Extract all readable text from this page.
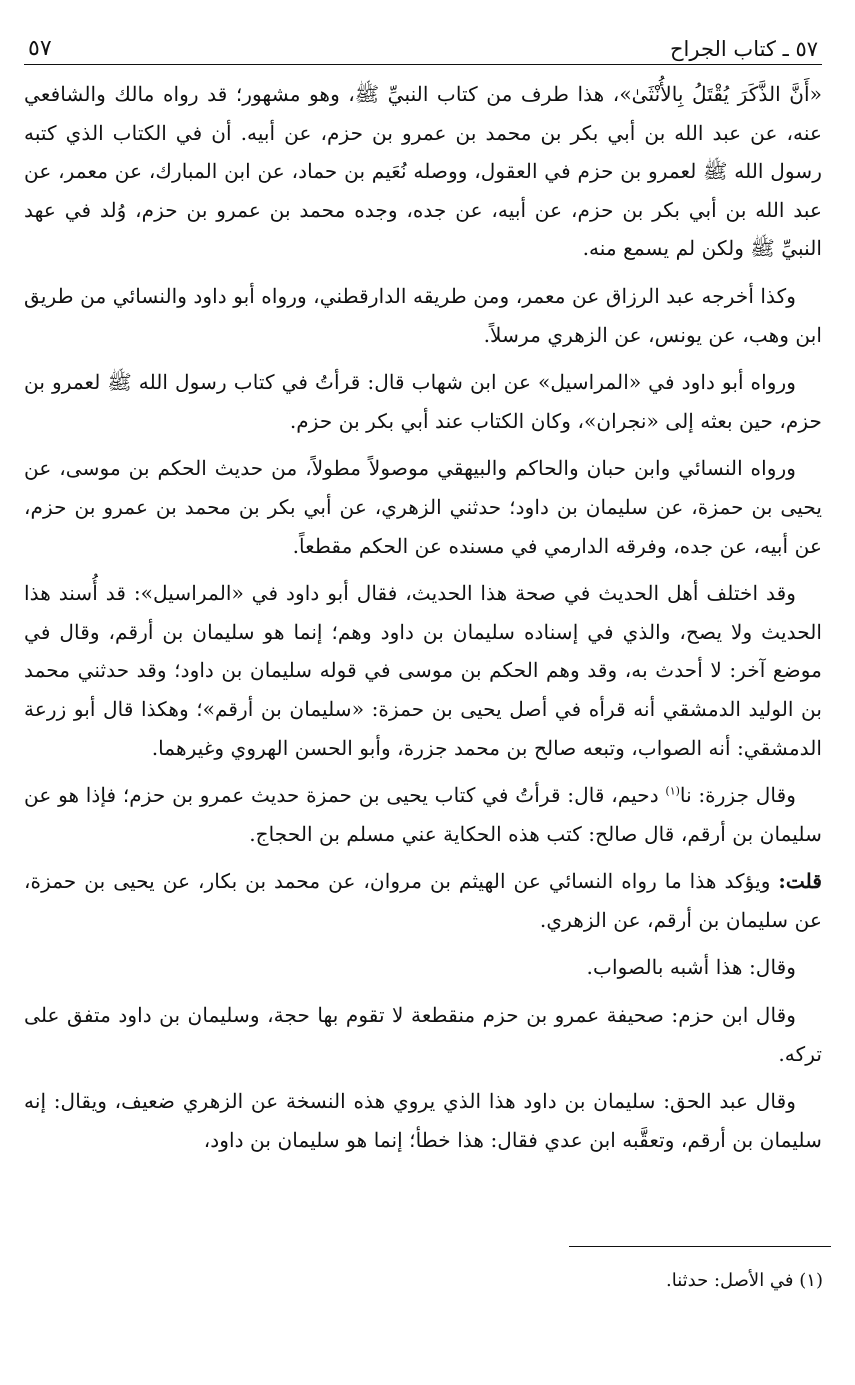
٥٧ ـ كتاب الجراح
٥٧

«أَنَّ الذَّكَرَ يُقْتَلُ بِالأُنْثَىٰ»، هذا طرف من كتاب النبيِّ ﷺ، وهو مشهور؛ قد رواه مالك والشافعي عنه، عن عبد الله بن أبي بكر بن محمد بن عمرو بن حزم، عن أبيه. أن في الكتاب الذي كتبه رسول الله ﷺ لعمرو بن حزم في العقول، ووصله نُعَيم بن حماد، عن ابن المبارك، عن معمر، عن عبد الله بن أبي بكر بن حزم، عن أبيه، عن جده، وجده محمد بن عمرو بن حزم، وُلد في عهد النبيِّ ﷺ ولكن لم يسمع منه.

وكذا أخرجه عبد الرزاق عن معمر، ومن طريقه الدارقطني، ورواه أبو داود والنسائي من طريق ابن وهب، عن يونس، عن الزهري مرسلاً.

ورواه أبو داود في «المراسيل» عن ابن شهاب قال: قرأتُ في كتاب رسول الله ﷺ لعمرو بن حزم، حين بعثه إلى «نجران»، وكان الكتاب عند أبي بكر بن حزم.

ورواه النسائي وابن حبان والحاكم والبيهقي موصولاً مطولاً، من حديث الحكم بن موسى، عن يحيى بن حمزة، عن سليمان بن داود؛ حدثني الزهري، عن أبي بكر بن محمد بن عمرو بن حزم، عن أبيه، عن جده، وفرقه الدارمي في مسنده عن الحكم مقطعاً.

وقد اختلف أهل الحديث في صحة هذا الحديث، فقال أبو داود في «المراسيل»: قد أُسند هذا الحديث ولا يصح، والذي في إسناده سليمان بن داود وهم؛ إنما هو سليمان بن أرقم، وقال في موضع آخر: لا أحدث به، وقد وهم الحكم بن موسى في قوله سليمان بن داود؛ وقد حدثني محمد بن الوليد الدمشقي أنه قرأه في أصل يحيى بن حمزة: «سليمان بن أرقم»؛ وهكذا قال أبو زرعة الدمشقي: أنه الصواب، وتبعه صالح بن محمد جزرة، وأبو الحسن الهروي وغيرهما.

وقال جزرة: نا$^{(١)}$ دحيم، قال: قرأتُ في كتاب يحيى بن حمزة حديث عمرو بن حزم؛ فإذا هو عن سليمان بن أرقم، قال صالح: كتب هذه الحكاية عني مسلم بن الحجاج.

قلت: ويؤكد هذا ما رواه النسائي عن الهيثم بن مروان، عن محمد بن بكار، عن يحيى بن حمزة، عن سليمان بن أرقم، عن الزهري.

وقال: هذا أشبه بالصواب.

وقال ابن حزم: صحيفة عمرو بن حزم منقطعة لا تقوم بها حجة، وسليمان بن داود متفق على تركه.

وقال عبد الحق: سليمان بن داود هذا الذي يروي هذه النسخة عن الزهري ضعيف، ويقال: إنه سليمان بن أرقم، وتعقَّبه ابن عدي فقال: هذا خطأ؛ إنما هو سليمان بن داود،

(١) في الأصل: حدثنا.
